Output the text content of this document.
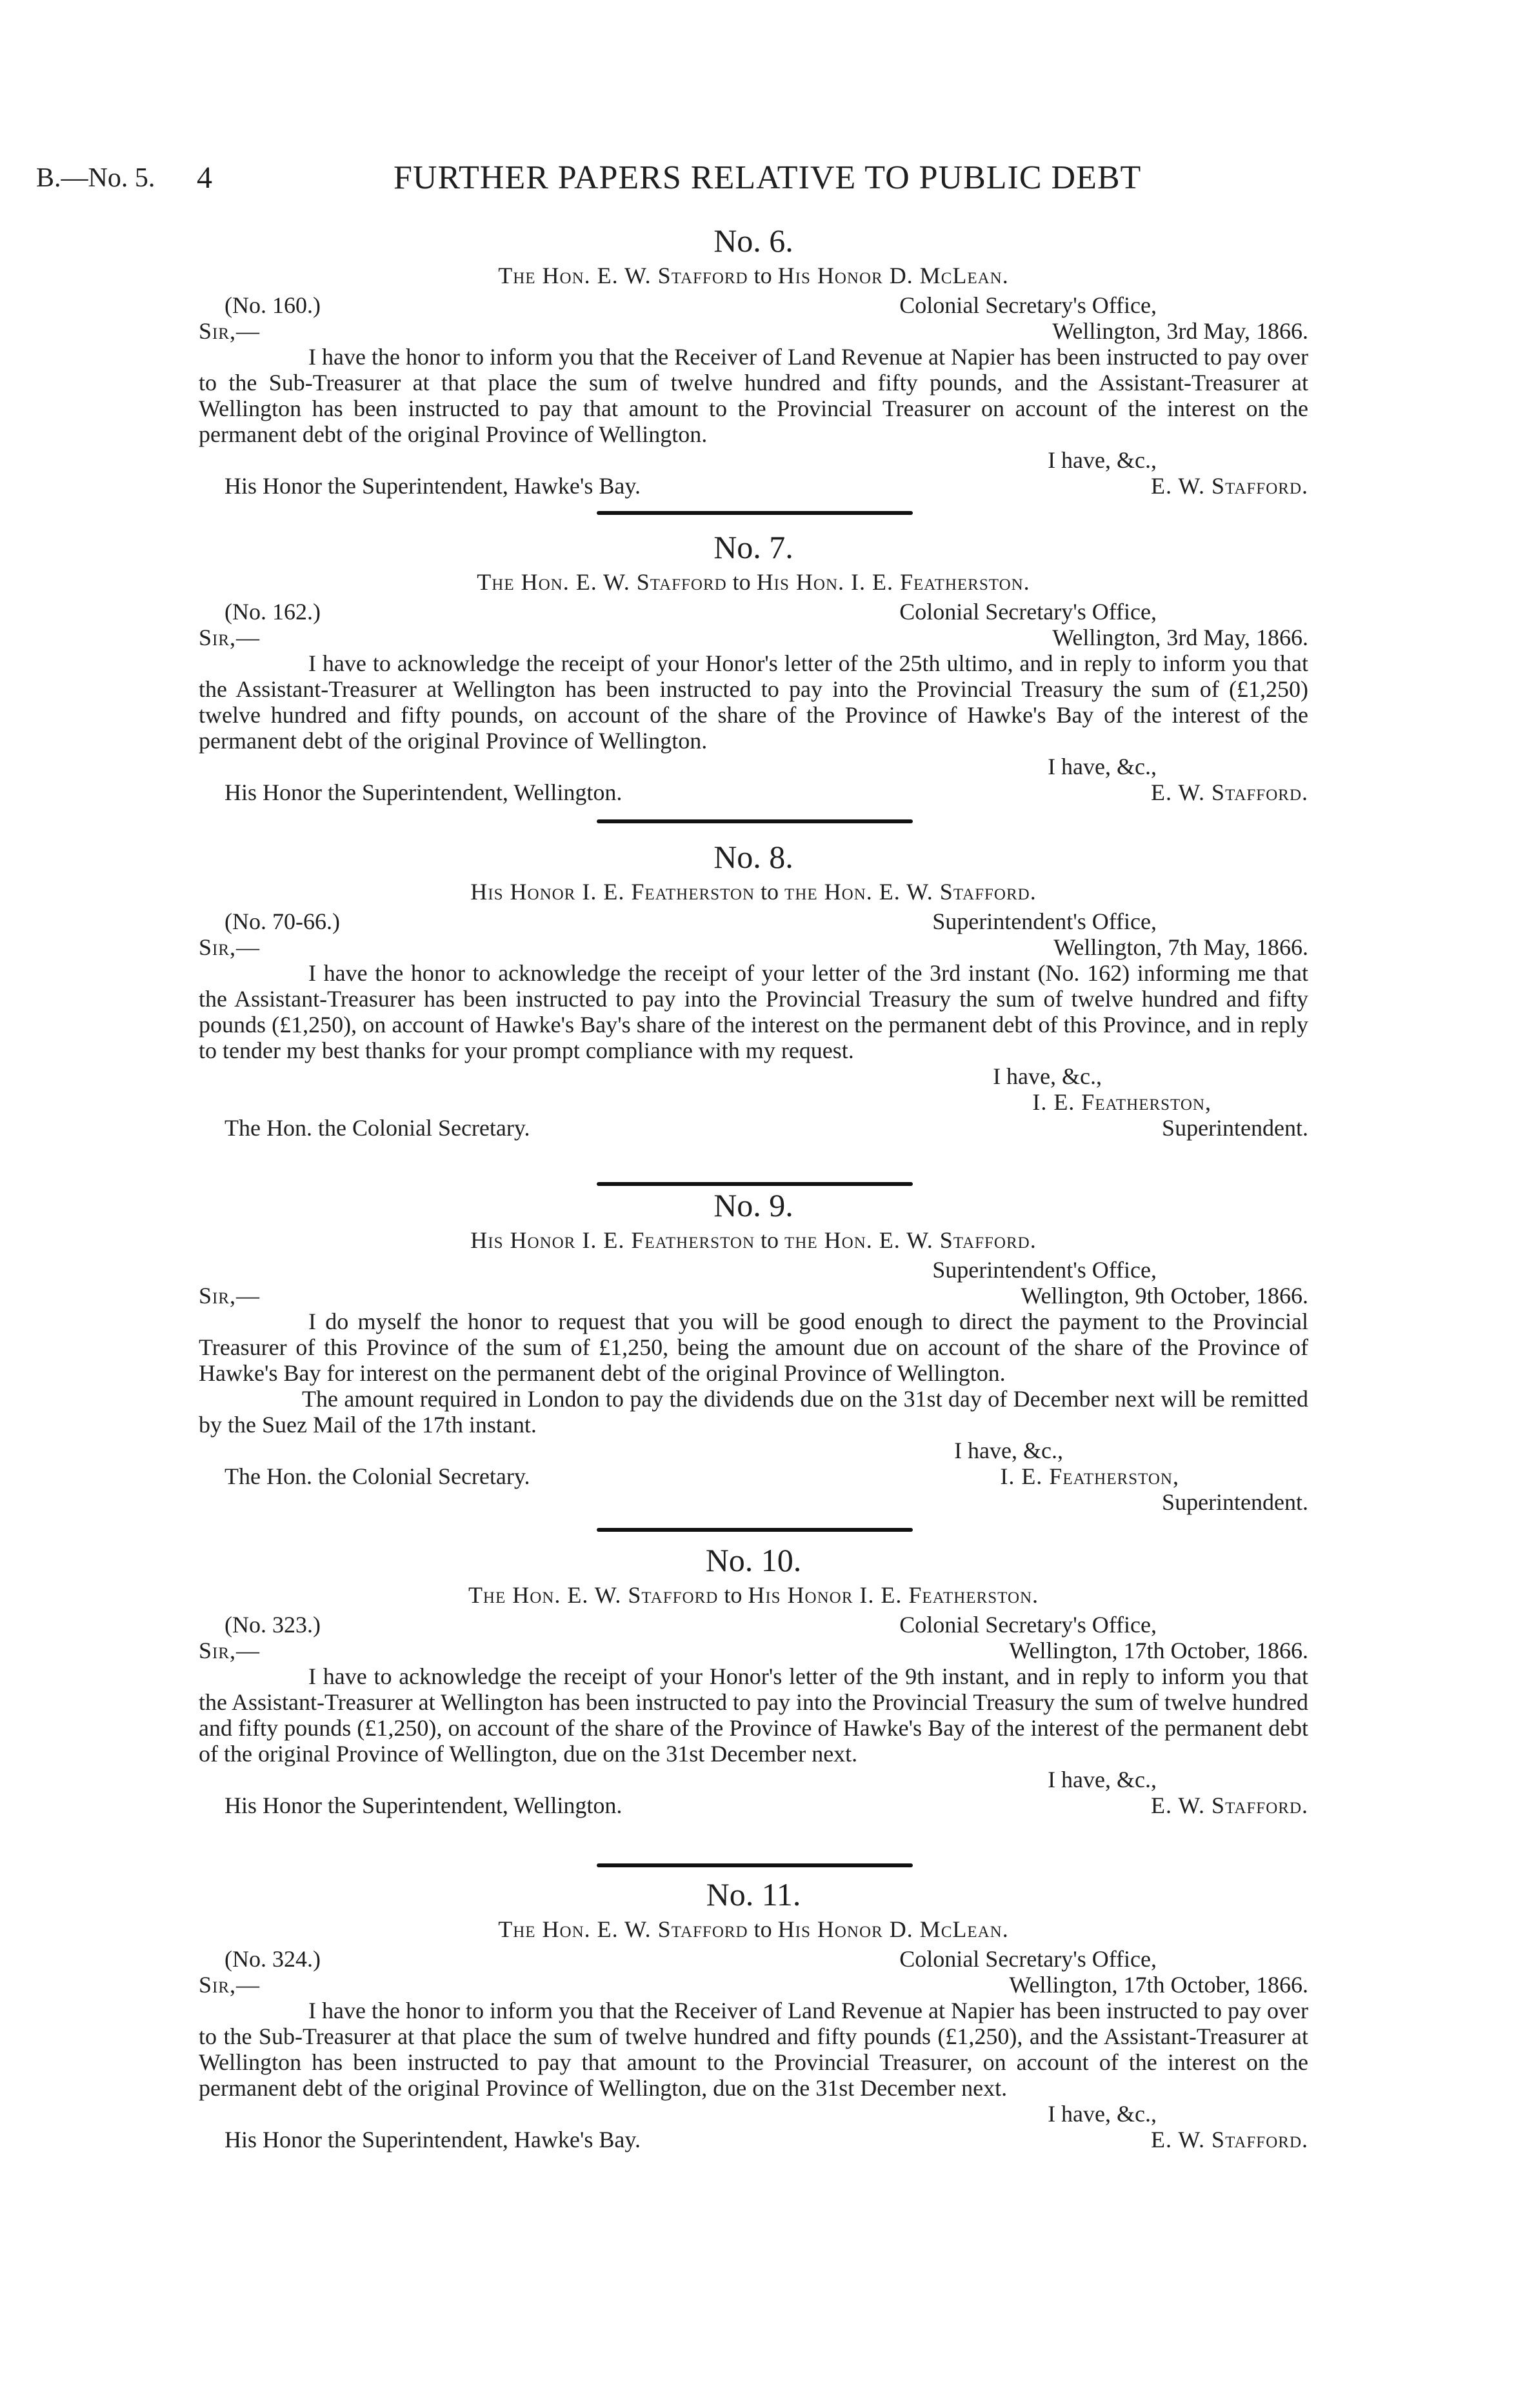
B.—No. 5. 4	FURTHER PAPERS RELATIVE TO PUBLIC DEBT
No. 6.
The Hon. E. W. Stafford to His Honor D. McLean.
(No. 160.)	Colonial Secretary's Office,
Sir,—	Wellington, 3rd May, 1866.

I have the honor to inform you that the Receiver of Land Revenue at Napier has been instructed to pay over to the Sub-Treasurer at that place the sum of twelve hundred and fifty pounds, and the Assistant-Treasurer at Wellington has been instructed to pay that amount to the Provincial Treasurer on account of the interest on the permanent debt of the original Province of Wellington.

I have, &c.,
His Honor the Superintendent, Hawke's Bay.	E. W. Stafford.
No. 7.
The Hon. E. W. Stafford to His Hon. I. E. Featherston.
(No. 162.)	Colonial Secretary's Office,
Sir,—	Wellington, 3rd May, 1866.

I have to acknowledge the receipt of your Honor's letter of the 25th ultimo, and in reply to inform you that the Assistant-Treasurer at Wellington has been instructed to pay into the Provincial Treasury the sum of (£1,250) twelve hundred and fifty pounds, on account of the share of the Province of Hawke's Bay of the interest of the permanent debt of the original Province of Wellington.

I have, &c.,
His Honor the Superintendent, Wellington.	E. W. Stafford.
No. 8.
His Honor I. E. Featherston to the Hon. E. W. Stafford.
(No. 70-66.)	Superintendent's Office,
Sir,—	Wellington, 7th May, 1866.

I have the honor to acknowledge the receipt of your letter of the 3rd instant (No. 162) informing me that the Assistant-Treasurer has been instructed to pay into the Provincial Treasury the sum of twelve hundred and fifty pounds (£1,250), on account of Hawke's Bay's share of the interest on the permanent debt of this Province, and in reply to tender my best thanks for your prompt compliance with my request.

I have, &c.,
I. E. Featherston,
The Hon. the Colonial Secretary.	Superintendent.
No. 9.
His Honor I. E. Featherston to the Hon. E. W. Stafford.
Superintendent's Office,
Sir,—	Wellington, 9th October, 1866.

I do myself the honor to request that you will be good enough to direct the payment to the Provincial Treasurer of this Province of the sum of £1,250, being the amount due on account of the share of the Province of Hawke's Bay for interest on the permanent debt of the original Province of Wellington.

The amount required in London to pay the dividends due on the 31st day of December next will be remitted by the Suez Mail of the 17th instant.

I have, &c.,
The Hon. the Colonial Secretary.	I. E. Featherston,
Superintendent.
No. 10.
The Hon. E. W. Stafford to His Honor I. E. Featherston.
(No. 323.)	Colonial Secretary's Office,
Sir,—	Wellington, 17th October, 1866.

I have to acknowledge the receipt of your Honor's letter of the 9th instant, and in reply to inform you that the Assistant-Treasurer at Wellington has been instructed to pay into the Provincial Treasury the sum of twelve hundred and fifty pounds (£1,250), on account of the share of the Province of Hawke's Bay of the interest of the permanent debt of the original Province of Wellington, due on the 31st December next.

I have, &c.,
His Honor the Superintendent, Wellington.	E. W. Stafford.
No. 11.
The Hon. E. W. Stafford to His Honor D. McLean.
(No. 324.)	Colonial Secretary's Office,
Sir,—	Wellington, 17th October, 1866.

I have the honor to inform you that the Receiver of Land Revenue at Napier has been instructed to pay over to the Sub-Treasurer at that place the sum of twelve hundred and fifty pounds (£1,250), and the Assistant-Treasurer at Wellington has been instructed to pay that amount to the Provincial Treasurer, on account of the interest on the permanent debt of the original Province of Wellington, due on the 31st December next.

I have, &c.,
His Honor the Superintendent, Hawke's Bay.	E. W. Stafford.
